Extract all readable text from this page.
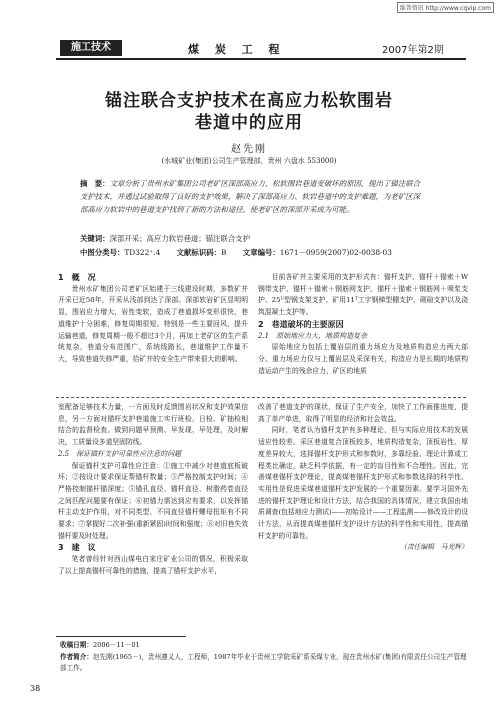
维普资讯 http://www.cqvip.com
施工技术	煤 炭 工 程	2007年第2期
锚注联合支护技术在高应力松软围岩
巷道中的应用
赵先刚
(水城矿业(集团)公司生产管理部，贵州 六盘水 553000)
摘　要：文章分析了贵州水矿集团公司老矿区深部高应力、松软围岩巷道变破坏的原因，提出了锚注联合支护技术，并通过试验取得了良好的支护效果，解决了深部高应力、软岩巷道中的支护难题，为老矿区深部高应力软岩中的巷道支护找到了新的方法和途径，使老矿区的深部开采成为可能。
关键词：深部开采；高应力软岩巷道；锚注联合支护
中图分类号：TD322⁺.4 文献标识码：B 文章编号：1671－0959(2007)02-0038-03

1　概　况

贵州水矿集团公司老矿区始建于三线建设时期，多数矿井开采已近50年，开采从浅部到达了深部。深部软岩矿区显明明显，围岩应力增大，岩性变软，造成了巷道损坏变形很快，巷道维护十分困难，修复周期很短。特别是一些主要回风、提升运输巷道，修复周期一般不超过3个月，再加上老矿区的生产系统复杂，巷道分布范围广，系统线路长，巷道维护工作量不大，导致巷道失修严重，给矿井的安全生产带来很大的影响。

目前各矿井主要采用的支护形式有：锚杆支护、锚杆＋锚索＋W钢带支护、锚杆＋锚索＋钢筋网支护、锚杆＋锚索＋钢筋网＋喷浆支护、25ᵁ型钢支架支护、矿用11ᵀ工字钢梯型棚支护、砌碹支护以及浇筑混凝土支护等。

2　巷道破坏的主要原因

2.1　原始地应力大、地质构造复杂

原始地应力包括上覆岩层的重力场应力及地质构造应力两大部分。重力场应力仅与上覆岩层及采深有关，构造应力是长期的地质构造运动产生的残余应力，矿区的地质

室配备足够技术力量，一方面及时反馈围岩状况和支护效果信息，另一方面对锚杆支护巷道施工实行班检、日检、矿抽检相结合的监督检查。做到问题早预测、早发现、早处理，及时解决，工质量设多道坚固防线。

2.5　保证锚杆支护可靠性应注意的问题

保证锚杆支护可靠性应注意：①施工中减少对巷道底板破坏；②按设计要求保证帮锚杆数量；③严格控制支护时间；④严格控制锚杆锚深度；⑤锚孔直径、锚杆直径、树脂药卷直径之间匹配问题要有保证；⑥初锚力需达到应有要求，以发挥锚杆主动支护作用，对不同类型、不同直径锚杆螺母扭矩有不同要求；⑦掌握好二次补强(重新紧固)时间和强度；⑧对旧巷失效锚杆要及时处理。

3　建　议

笔者曾经针对西山煤电白家庄矿业公司的情况，积极采取了以上提高锚杆可靠性的措施，提高了锚杆支护水平，

改善了巷道支护的现状，保证了生产安全，加快了工作面推进度，提高了单产单进，取得了明显的经济和社会效益。

同时，笔者认为锚杆支护有多种理论，但与实际应用技术的发展适应性较差。采区巷道复合顶板较多，地质构造复杂，顶板岩性、厚度差异较大，选择锚杆支护形式和参数时，多靠经验、理论计算或工程类比确定，缺乏科学依据，有一定的盲目性和不合理性。因此，完善煤巷锚杆支护理论，提高煤巷锚杆支护形式和参数选择的科学性、实用性是促进采煤巷道锚杆支护发展的一个重要因素。要学习国外先进的锚杆支护理论和设计方法，结合我国的具体情况，建立我国由地质调查(包括地应力测试)——初始设计——工程监测——修改设计的设计方法，从而提高煤巷锚杆支护设计方法的科学性和实用性，提高锚杆支护的可靠性。

（责任编辑　马光辉）

收稿日期：2006－11－01
作者简介：赵先刚(1965－)，贵州遵义人，工程师，1987年毕业于贵州工学院采矿系采煤专业，现在贵州水矿(集团)有限责任公司生产管理部工作。
38
